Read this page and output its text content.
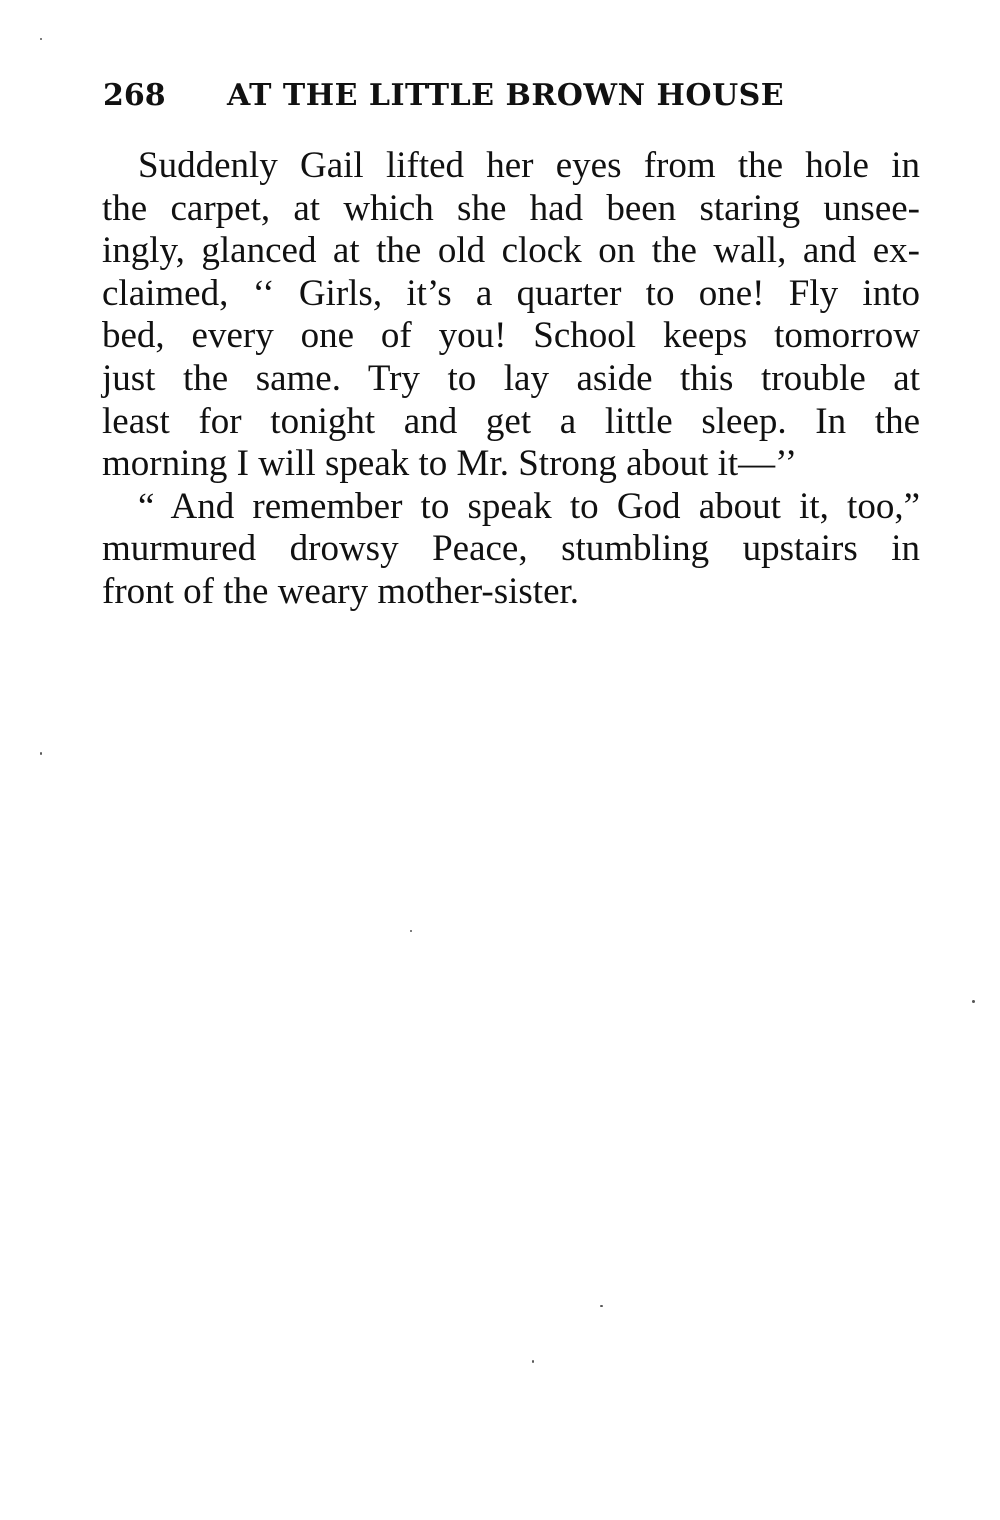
268 AT THE LITTLE BROWN HOUSE
Suddenly Gail lifted her eyes from the hole in
the carpet, at which she had been staring unsee-
ingly, glanced at the old clock on the wall, and ex-
claimed, ‘‘ Girls, it’s a quarter to one! Fly into
bed, every one of you! School keeps tomorrow
just the same. Try to lay aside this trouble at
least for tonight and get a little sleep. In the
morning I will speak to Mr. Strong about it—’’
“ And remember to speak to God about it, too,”
murmured drowsy Peace, stumbling upstairs in
front of the weary mother-sister.
